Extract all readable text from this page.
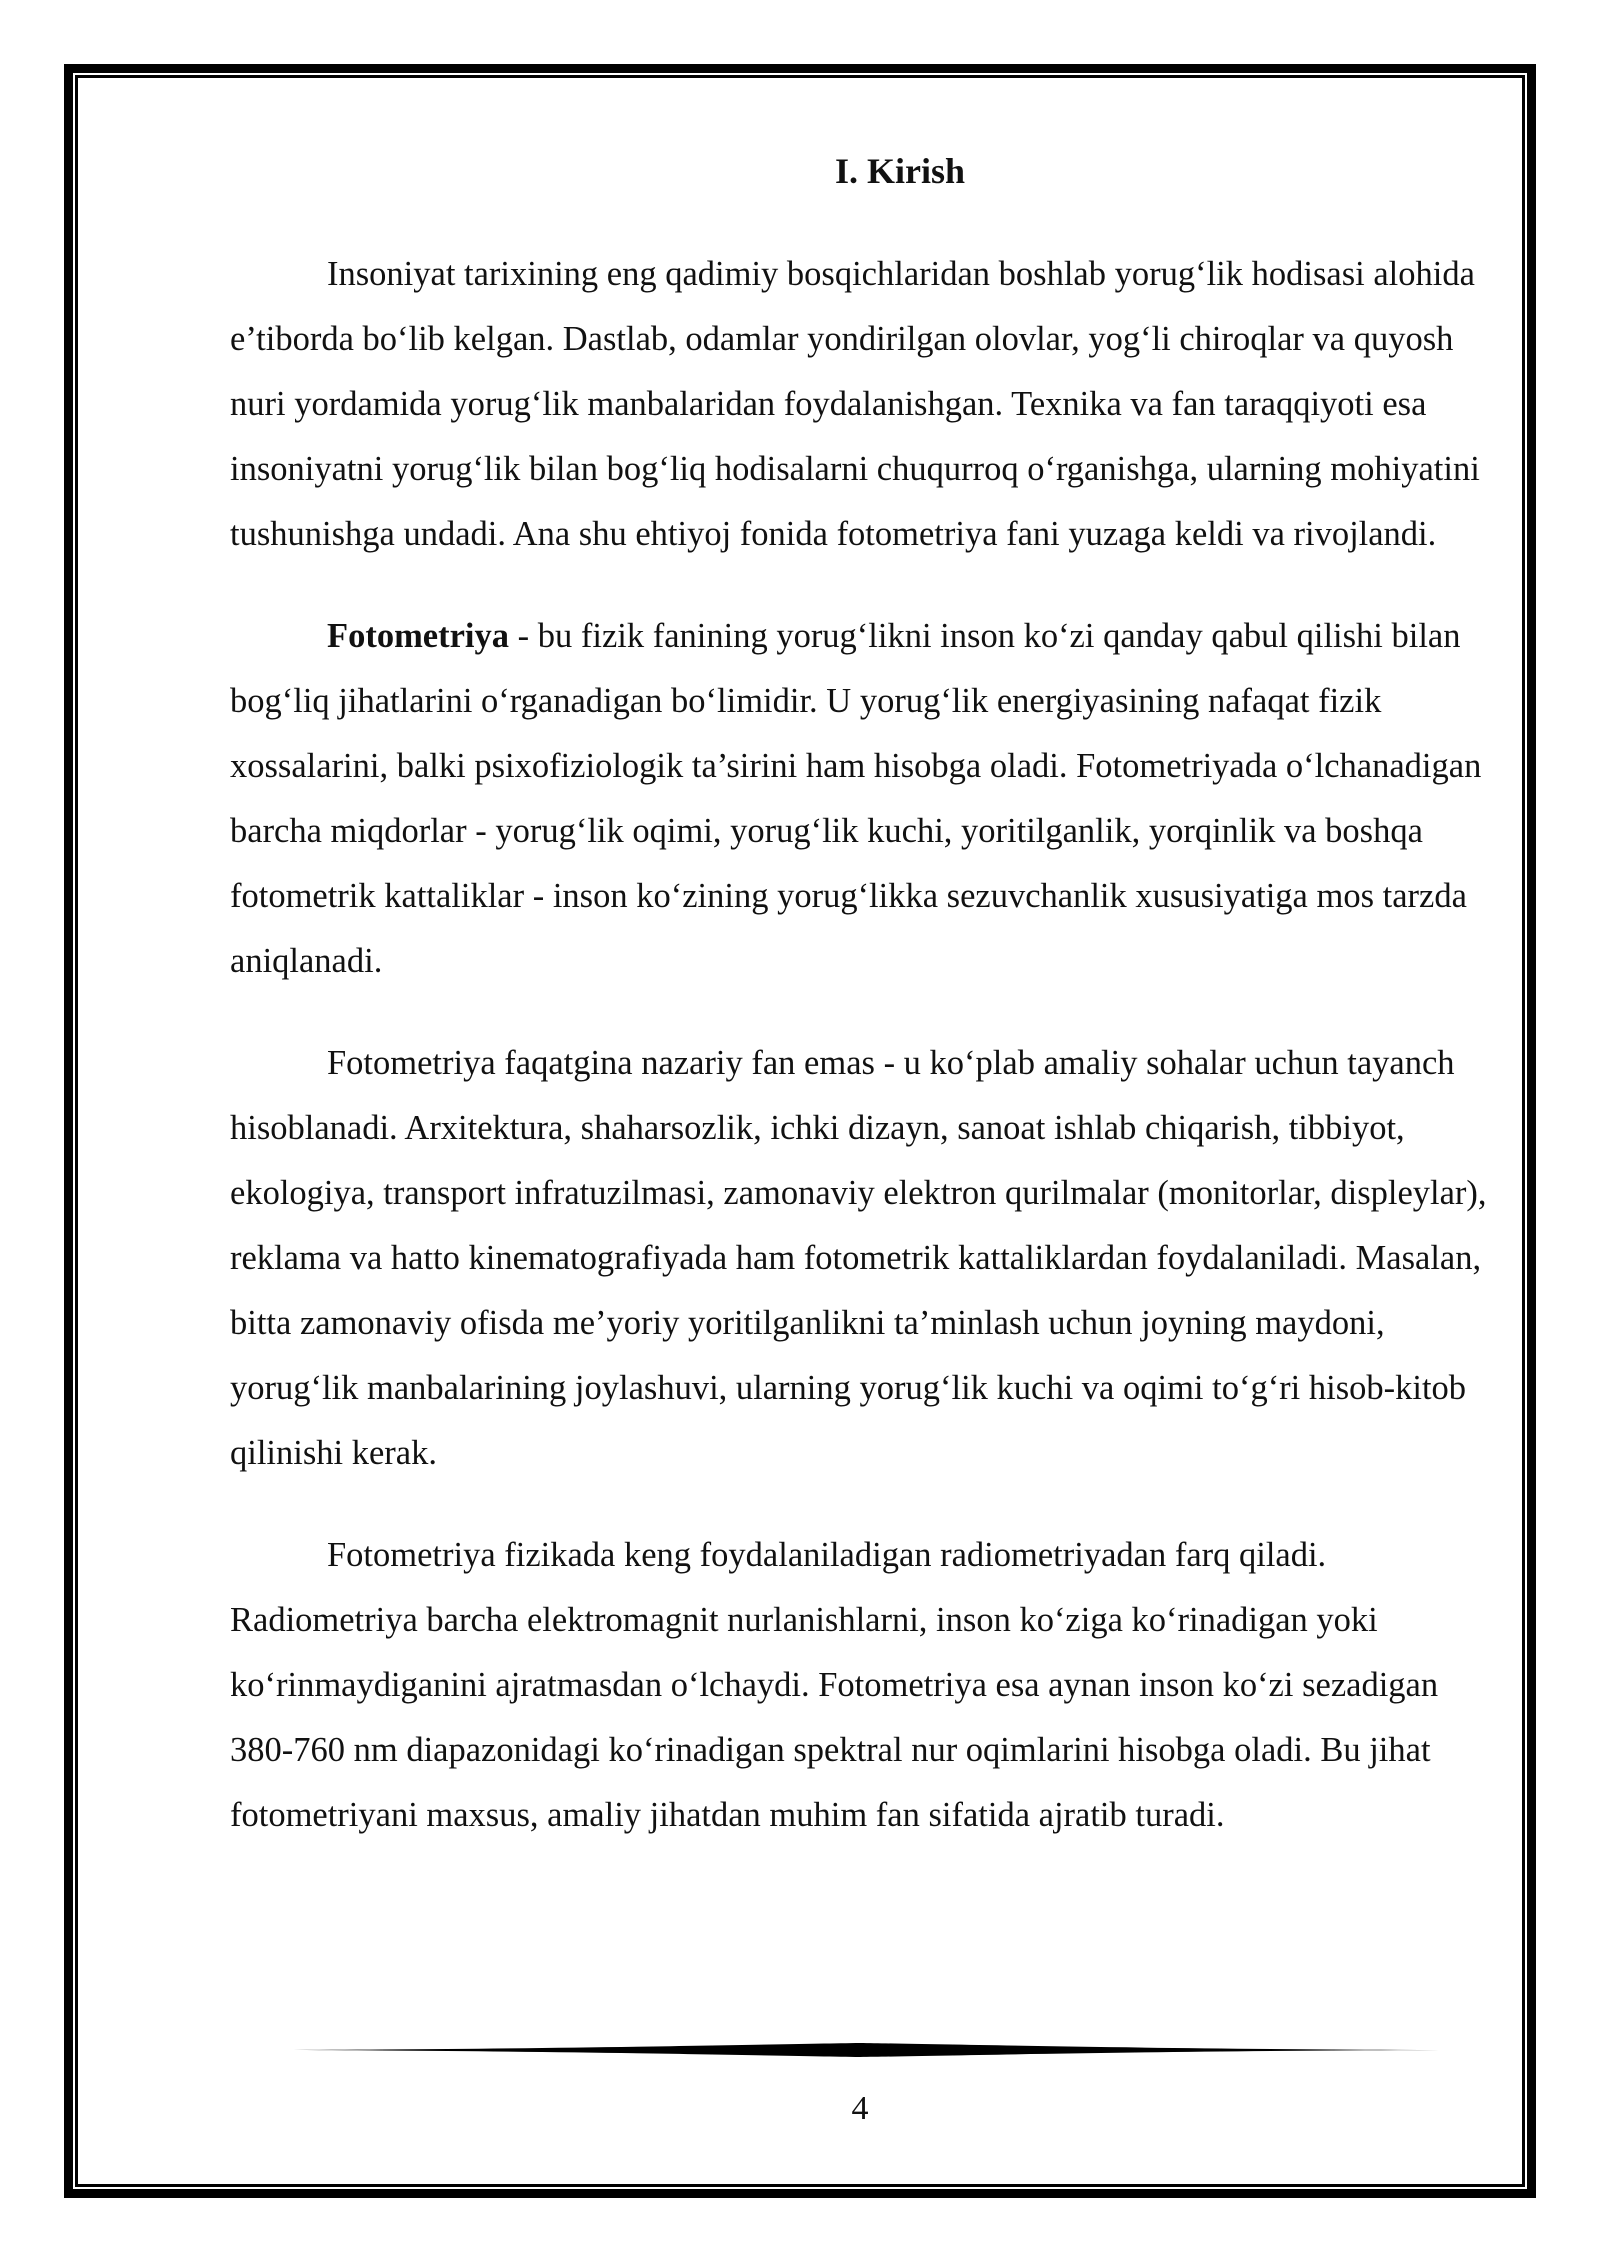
I. Kirish

Insoniyat tarixining eng qadimiy bosqichlaridan boshlab yorug‘lik hodisasi alohida e’tiborda bo‘lib kelgan. Dastlab, odamlar yondirilgan olovlar, yog‘li chiroqlar va quyosh nuri yordamida yorug‘lik manbalaridan foydalanishgan. Texnika va fan taraqqiyoti esa insoniyatni yorug‘lik bilan bog‘liq hodisalarni chuqurroq o‘rganishga, ularning mohiyatini tushunishga undadi. Ana shu ehtiyoj fonida fotometriya fani yuzaga keldi va rivojlandi.

Fotometriya - bu fizik fanining yorug‘likni inson ko‘zi qanday qabul qilishi bilan bog‘liq jihatlarini o‘rganadigan bo‘limidir. U yorug‘lik energiyasining nafaqat fizik xossalarini, balki psixofiziologik ta’sirini ham hisobga oladi. Fotometriyada o‘lchanadigan barcha miqdorlar - yorug‘lik oqimi, yorug‘lik kuchi, yoritilganlik, yorqinlik va boshqa fotometrik kattaliklar - inson ko‘zining yorug‘likka sezuvchanlik xususiyatiga mos tarzda aniqlanadi.

Fotometriya faqatgina nazariy fan emas - u ko‘plab amaliy sohalar uchun tayanch hisoblanadi. Arxitektura, shaharsozlik, ichki dizayn, sanoat ishlab chiqarish, tibbiyot, ekologiya, transport infratuzilmasi, zamonaviy elektron qurilmalar (monitorlar, displeylar), reklama va hatto kinematografiyada ham fotometrik kattaliklardan foydalaniladi. Masalan, bitta zamonaviy ofisda me’yoriy yoritilganlikni ta’minlash uchun joyning maydoni, yorug‘lik manbalarining joylashuvi, ularning yorug‘lik kuchi va oqimi to‘g‘ri hisob-kitob qilinishi kerak.

Fotometriya fizikada keng foydalaniladigan radiometriyadan farq qiladi. Radiometriya barcha elektromagnit nurlanishlarni, inson ko‘ziga ko‘rinadigan yoki ko‘rinmaydiganini ajratmasdan o‘lchaydi. Fotometriya esa aynan inson ko‘zi sezadigan 380-760 nm diapazonidagi ko‘rinadigan spektral nur oqimlarini hisobga oladi. Bu jihat fotometriyani maxsus, amaliy jihatdan muhim fan sifatida ajratib turadi.

4
